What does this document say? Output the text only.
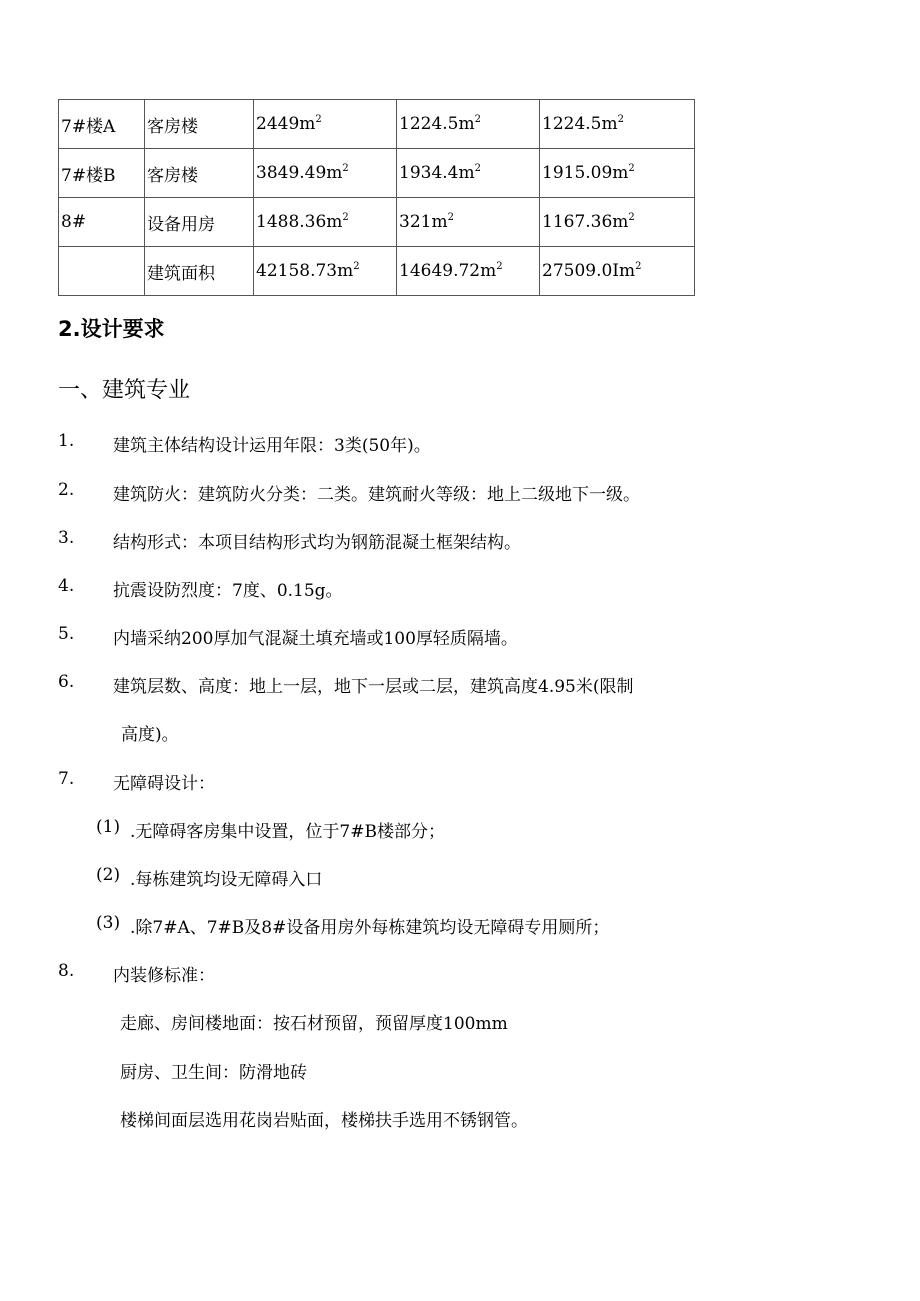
7#楼A	客房楼	$2449m^2$	$1224.5m^2$	$1224.5m^2$
7#楼B	客房楼	$3849.49m^2$	$1934.4m^2$	$1915.09m^2$
8#	设备用房	$1488.36m^2$	$321m^2$	$1167.36m^2$
	建筑面积	$42158.73m^2$	$14649.72m^2$	27509.0Im$^2$
2.设计要求
一、建筑专业
1. 建筑主体结构设计运用年限：3类(50年)。
2. 建筑防火：建筑防火分类：二类。建筑耐火等级：地上二级地下一级。
3. 结构形式：本项目结构形式均为钢筋混凝土框架结构。
4. 抗震设防烈度：7度、0.15g。
5. 内墙采纳200厚加气混凝土填充墙或100厚轻质隔墙。
6. 建筑层数、高度：地上一层，地下一层或二层，建筑高度4.95米(限制
高度)。
7. 无障碍设计：
(1) .无障碍客房集中设置，位于7#B楼部分；
(2) .每栋建筑均设无障碍入口
(3) .除7#A、7#B及8#设备用房外每栋建筑均设无障碍专用厕所；
8. 内装修标准：
走廊、房间楼地面：按石材预留，预留厚度100mm
厨房、卫生间：防滑地砖
楼梯间面层选用花岗岩贴面，楼梯扶手选用不锈钢管。
